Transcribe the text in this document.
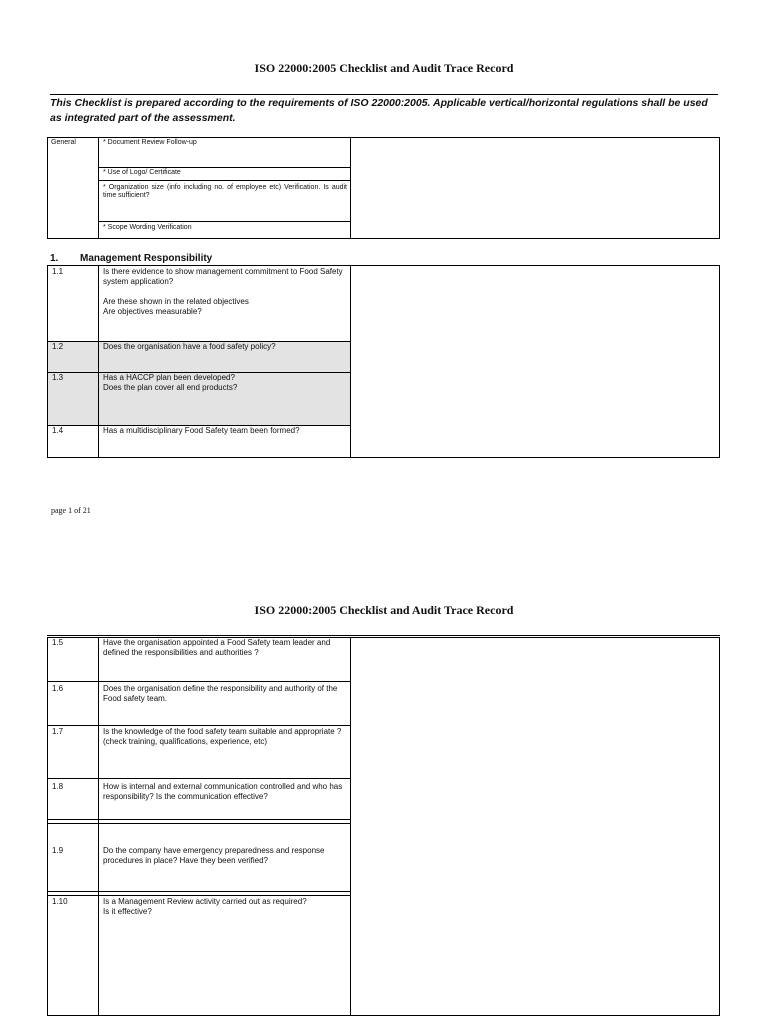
ISO 22000:2005 Checklist and Audit Trace Record
This Checklist is prepared according to the requirements of ISO 22000:2005. Applicable vertical/horizontal regulations shall be used as integrated part of the assessment.
General	* Document Review Follow-up
* Use of Logo/ Certificate
* Organization size (info including no. of employee etc) Verification. Is audit time sufficient?
* Scope Wording Verification
1. Management Responsibility
1.1	Is there evidence to show management commitment to Food Safety system application?

Are these shown in the related objectives
Are objectives measurable?
1.2	Does the organisation have a food safety policy?
1.3	Has a HACCP plan been developed?
Does the plan cover all end products?
1.4	Has a multidisciplinary Food Safety team been formed?
page 1 of 21
ISO 22000:2005 Checklist and Audit Trace Record
1.5	Have the organisation appointed a Food Safety team leader and defined the responsibilities and authorities ?
1.6	Does the organisation define the responsibility and authority of the Food safety team.
1.7	Is the knowledge of the food safety team suitable and appropriate ? (check training, qualifications, experience, etc)
1.8	How is internal and external communication controlled and who has responsibility? Is the communication effective?
1.9	Do the company have emergency preparedness and response procedures in place? Have they been verified?
1.10	Is a Management Review activity carried out as required?
Is it effective?
